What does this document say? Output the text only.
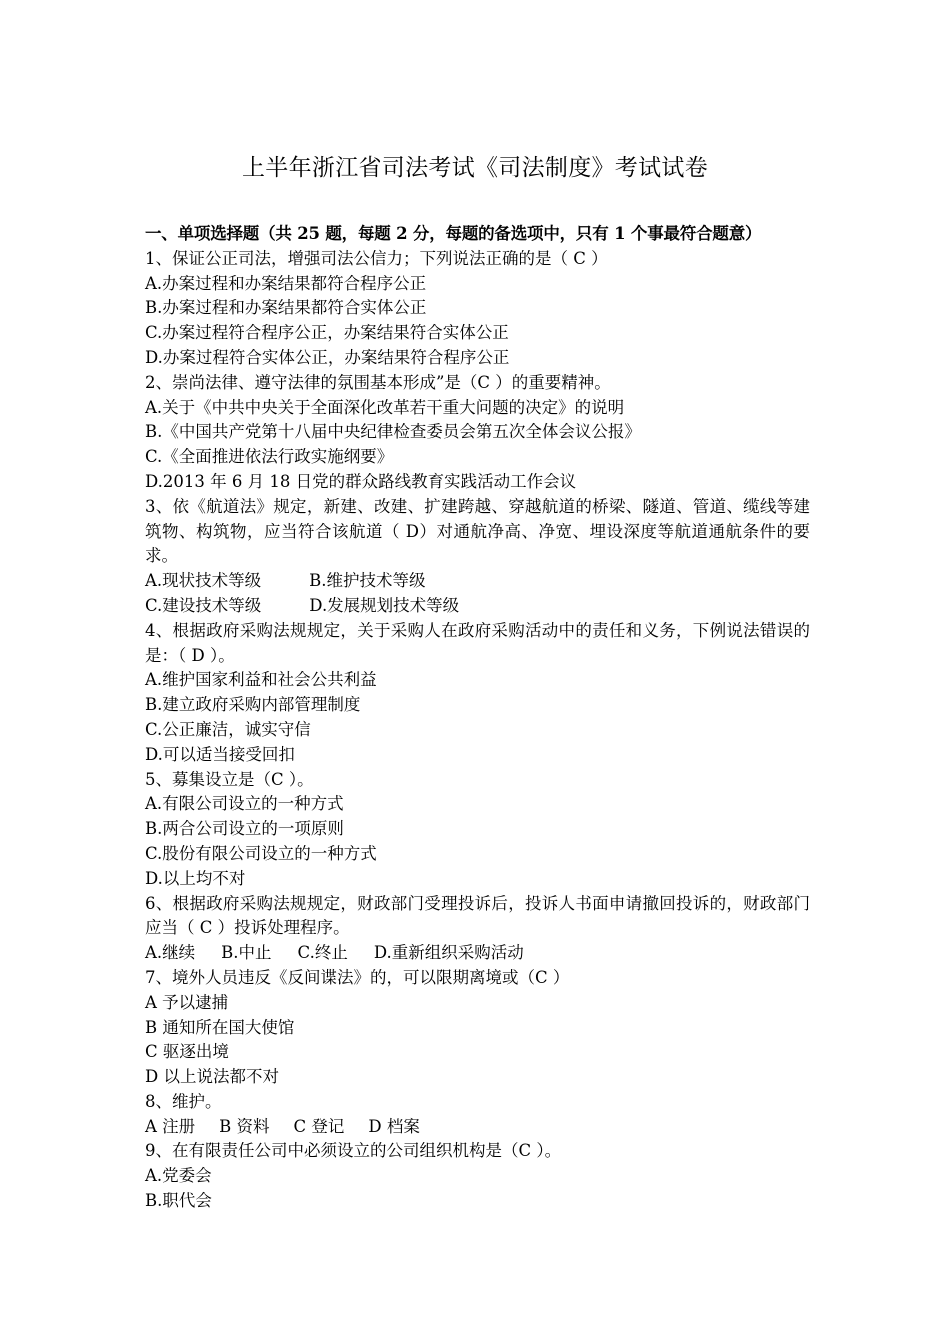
上半年浙江省司法考试《司法制度》考试试卷
一、单项选择题（共 25 题，每题 2 分，每题的备选项中，只有 1 个事最符合题意）
1、保证公正司法，增强司法公信力；下列说法正确的是（ C ）
A.办案过程和办案结果都符合程序公正
B.办案过程和办案结果都符合实体公正
C.办案过程符合程序公正，办案结果符合实体公正
D.办案过程符合实体公正，办案结果符合程序公正
2、崇尚法律、遵守法律的氛围基本形成”是（C ）的重要精神。
A.关于《中共中央关于全面深化改革若干重大问题的决定》的说明
B.《中国共产党第十八届中央纪律检查委员会第五次全体会议公报》
C.《全面推进依法行政实施纲要》
D.2013 年 6 月 18 日党的群众路线教育实践活动工作会议
3、依《航道法》规定，新建、改建、扩建跨越、穿越航道的桥梁、隧道、管道、缆线等建筑物、构筑物，应当符合该航道（ D）对通航净高、净宽、埋设深度等航道通航条件的要求。
A.现状技术等级	B.维护技术等级
C.建设技术等级	D.发展规划技术等级
4、根据政府采购法规规定，关于采购人在政府采购活动中的责任和义务，下例说法错误的是：（ D ）。
A.维护国家利益和社会公共利益
B.建立政府采购内部管理制度
C.公正廉洁，诚实守信
D.可以适当接受回扣
5、募集设立是（C ）。
A.有限公司设立的一种方式
B.两合公司设立的一项原则
C.股份有限公司设立的一种方式
D.以上均不对
6、根据政府采购法规规定，财政部门受理投诉后，投诉人书面申请撤回投诉的，财政部门应当（ C ）投诉处理程序。
A.继续 B.中止 C.终止 D.重新组织采购活动
7、境外人员违反《反间谍法》的，可以限期离境或（C ）
A 予以逮捕
B 通知所在国大使馆
C 驱逐出境
D 以上说法都不对
8、维护。
A 注册 B 资料 C 登记 D 档案
9、在有限责任公司中必须设立的公司组织机构是（C ）。
A.党委会
B.职代会
